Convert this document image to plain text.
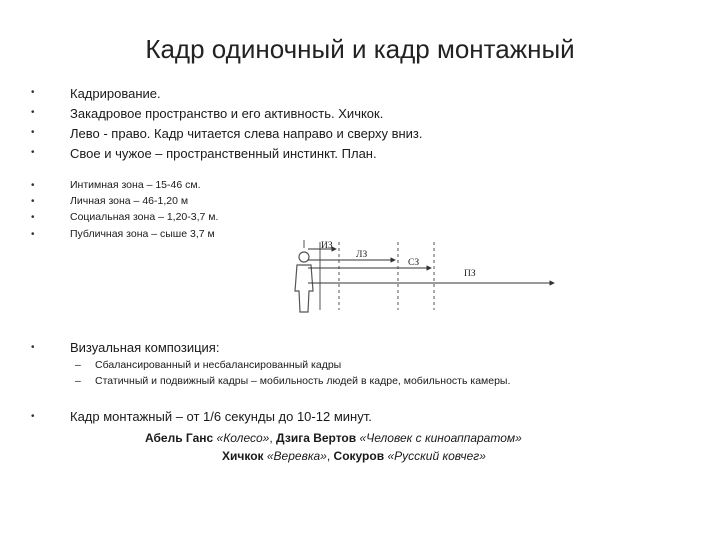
Кадр одиночный и кадр монтажный
•	Кадрирование.
•	Закадровое пространство и его активность. Хичкок.
•	Лево - право. Кадр читается слева направо и сверху вниз.
•	Свое и чужое – пространственный инстинкт. План.
•	Интимная зона – 15-46 см.
•	Личная зона – 46-1,20 м
•	Социальная зона – 1,20-3,7 м.
•	Публичная зона – сыше 3,7 м
ИЗ
ЛЗ
СЗ
ПЗ
•	Визуальная композиция:
– Сбалансированный и несбалансированный кадры
– Статичный и подвижный кадры – мобильность людей в кадре, мобильность камеры.
•	Кадр монтажный – от 1/6 секунды до 10-12 минут.
Абель Ганс «Колесо», Дзига Вертов «Человек с киноаппаратом»
Хичкок «Веревка», Сокуров «Русский ковчег»
